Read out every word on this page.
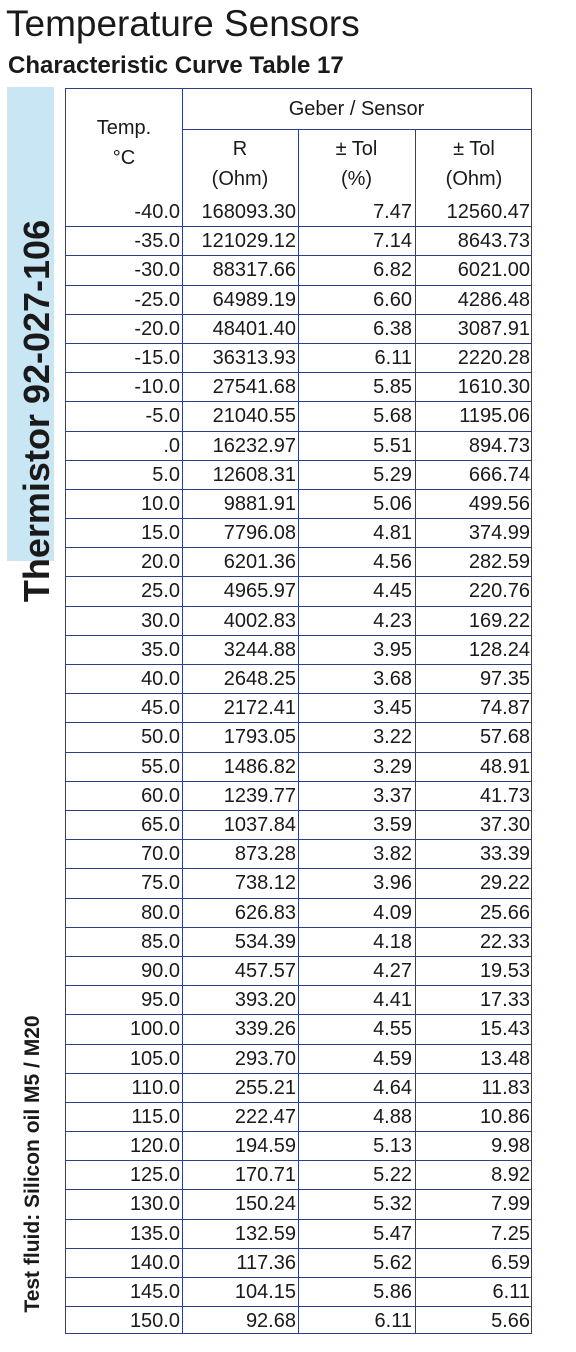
Temperature Sensors
Characteristic Curve Table 17
Thermistor 92-027-106
Test fluid: Silicon oil M5 / M20
Temp.
°C
Geber / Sensor
R
(Ohm)
± Tol
(%)
± Tol
(Ohm)
-40.0	168093.30	7.47	12560.47
-35.0	121029.12	7.14	8643.73
-30.0	88317.66	6.82	6021.00
-25.0	64989.19	6.60	4286.48
-20.0	48401.40	6.38	3087.91
-15.0	36313.93	6.11	2220.28
-10.0	27541.68	5.85	1610.30
-5.0	21040.55	5.68	1195.06
.0	16232.97	5.51	894.73
5.0	12608.31	5.29	666.74
10.0	9881.91	5.06	499.56
15.0	7796.08	4.81	374.99
20.0	6201.36	4.56	282.59
25.0	4965.97	4.45	220.76
30.0	4002.83	4.23	169.22
35.0	3244.88	3.95	128.24
40.0	2648.25	3.68	97.35
45.0	2172.41	3.45	74.87
50.0	1793.05	3.22	57.68
55.0	1486.82	3.29	48.91
60.0	1239.77	3.37	41.73
65.0	1037.84	3.59	37.30
70.0	873.28	3.82	33.39
75.0	738.12	3.96	29.22
80.0	626.83	4.09	25.66
85.0	534.39	4.18	22.33
90.0	457.57	4.27	19.53
95.0	393.20	4.41	17.33
100.0	339.26	4.55	15.43
105.0	293.70	4.59	13.48
110.0	255.21	4.64	11.83
115.0	222.47	4.88	10.86
120.0	194.59	5.13	9.98
125.0	170.71	5.22	8.92
130.0	150.24	5.32	7.99
135.0	132.59	5.47	7.25
140.0	117.36	5.62	6.59
145.0	104.15	5.86	6.11
150.0	92.68	6.11	5.66
